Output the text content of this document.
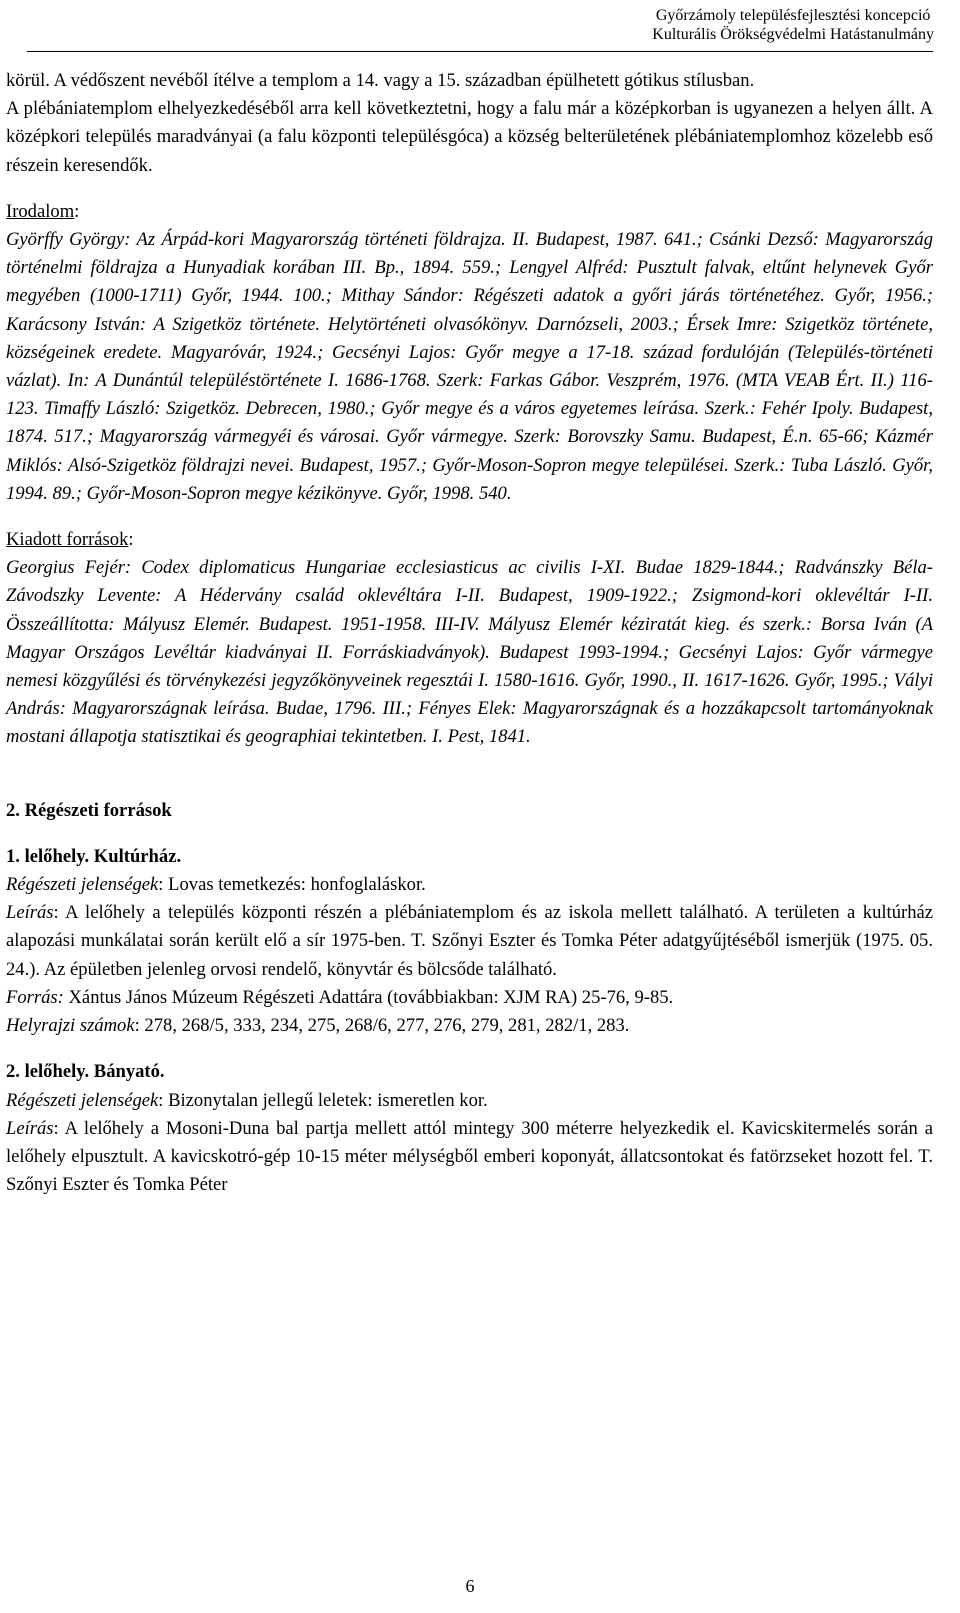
Győrzámoly településfejlesztési koncepció
Kulturális Örökségvédelmi Hatástanulmány

körül. A védőszent nevéből ítélve a templom a 14. vagy a 15. században épülhetett gótikus stílusban.

A plébániatemplom elhelyezkedéséből arra kell következtetni, hogy a falu már a középkorban is ugyanezen a helyen állt. A középkori település maradványai (a falu központi településgóca) a község belterületének plébániatemplomhoz közelebb eső részein keresendők.

Irodalom:

Györffy György: Az Árpád-kori Magyarország történeti földrajza. II. Budapest, 1987. 641.; Csánki Dezső: Magyarország történelmi földrajza a Hunyadiak korában III. Bp., 1894. 559.; Lengyel Alfréd: Pusztult falvak, eltűnt helynevek Győr megyében (1000-1711) Győr, 1944. 100.; Mithay Sándor: Régészeti adatok a győri járás történetéhez. Győr, 1956.; Karácsony István: A Szigetköz története. Helytörténeti olvasókönyv. Darnózseli, 2003.; Érsek Imre: Szigetköz története, községeinek eredete. Magyaróvár, 1924.; Gecsényi Lajos: Győr megye a 17-18. század fordulóján (Település-történeti vázlat). In: A Dunántúl településtörténete I. 1686-1768. Szerk: Farkas Gábor. Veszprém, 1976. (MTA VEAB Ért. II.) 116-123. Timaffy László: Szigetköz. Debrecen, 1980.; Győr megye és a város egyetemes leírása. Szerk.: Fehér Ipoly. Budapest, 1874. 517.; Magyarország vármegyéi és városai. Győr vármegye. Szerk: Borovszky Samu. Budapest, É.n. 65-66; Kázmér Miklós: Alsó-Szigetköz földrajzi nevei. Budapest, 1957.; Győr-Moson-Sopron megye települései. Szerk.: Tuba László. Győr, 1994. 89.; Győr-Moson-Sopron megye kézikönyve. Győr, 1998. 540.

Kiadott források:

Georgius Fejér: Codex diplomaticus Hungariae ecclesiasticus ac civilis I-XI. Budae 1829-1844.; Radvánszky Béla-Závodszky Levente: A Hédervány család oklevéltára I-II. Budapest, 1909-1922.; Zsigmond-kori oklevéltár I-II. Összeállította: Mályusz Elemér. Budapest. 1951-1958. III-IV. Mályusz Elemér kéziratát kieg. és szerk.: Borsa Iván (A Magyar Országos Levéltár kiadványai II. Forráskiadványok). Budapest 1993-1994.; Gecsényi Lajos: Győr vármegye nemesi közgyűlési és törvénykezési jegyzőkönyveinek regesztái I. 1580-1616. Győr, 1990., II. 1617-1626. Győr, 1995.; Vályi András: Magyarországnak leírása. Budae, 1796. III.; Fényes Elek: Magyarországnak és a hozzákapcsolt tartományoknak mostani állapotja statisztikai és geographiai tekintetben. I. Pest, 1841.

2. Régészeti források

1. lelőhely. Kultúrház.

Régészeti jelenségek: Lovas temetkezés: honfoglaláskor.

Leírás: A lelőhely a település központi részén a plébániatemplom és az iskola mellett található. A területen a kultúrház alapozási munkálatai során került elő a sír 1975-ben. T. Szőnyi Eszter és Tomka Péter adatgyűjtéséből ismerjük (1975. 05. 24.). Az épületben jelenleg orvosi rendelő, könyvtár és bölcsőde található.

Forrás: Xántus János Múzeum Régészeti Adattára (továbbiakban: XJM RA) 25-76, 9-85.

Helyrajzi számok: 278, 268/5, 333, 234, 275, 268/6, 277, 276, 279, 281, 282/1, 283.

2. lelőhely. Bányató.

Régészeti jelenségek: Bizonytalan jellegű leletek: ismeretlen kor.

Leírás: A lelőhely a Mosoni-Duna bal partja mellett attól mintegy 300 méterre helyezkedik el. Kavicskitermelés során a lelőhely elpusztult. A kavicskotró-gép 10-15 méter mélységből emberi koponyát, állatcsontokat és fatörzseket hozott fel. T. Szőnyi Eszter és Tomka Péter

6
